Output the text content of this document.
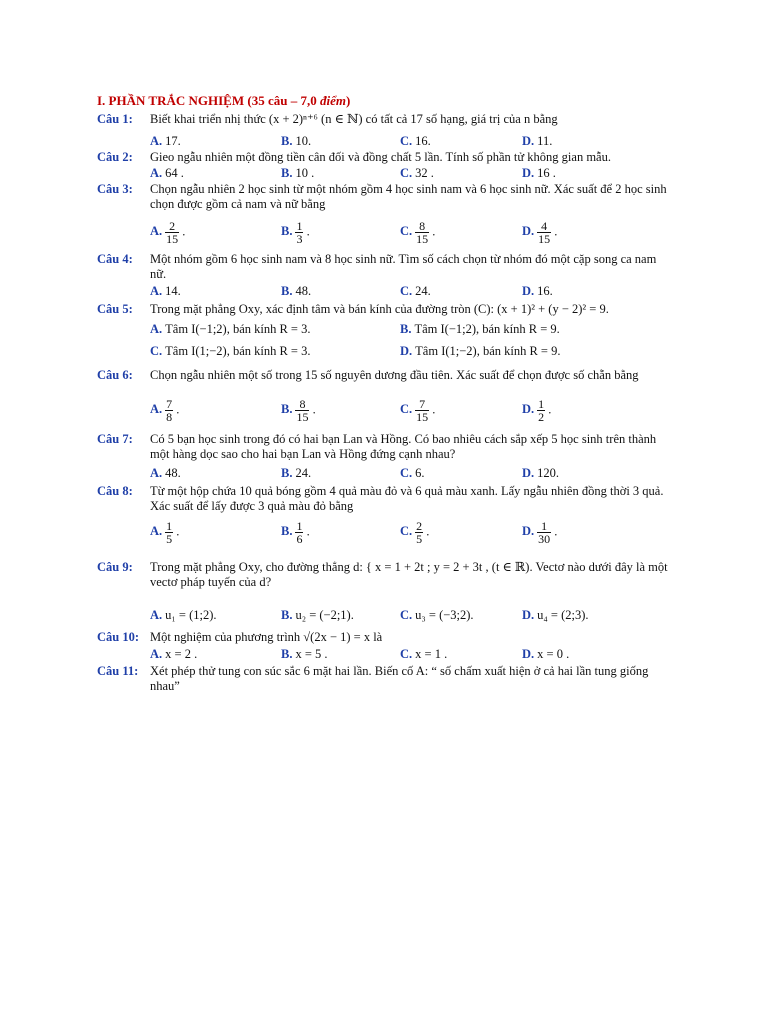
I. PHẦN TRẮC NGHIỆM (35 câu – 7,0 điểm)
Câu 1: Biết khai triển nhị thức (x + 2)ⁿ⁺⁶ (n ∈ ℕ) có tất cả 17 số hạng, giá trị của n bằng
A. 17.	B. 10.	C. 16.	D. 11.
Câu 2: Gieo ngẫu nhiên một đồng tiền cân đối và đồng chất 5 lần. Tính số phần tử không gian mẫu.
A. 64 .	B. 10 .	C. 32 .	D. 16 .
Câu 3: Chọn ngẫu nhiên 2 học sinh từ một nhóm gồm 4 học sinh nam và 6 học sinh nữ. Xác suất để 2 học sinh chọn được gồm cả nam và nữ bằng
A. $\frac{2}{15}$ .	B. $\frac{1}{3}$ .	C. $\frac{8}{15}$ .	D. $\frac{4}{15}$ .
Câu 4: Một nhóm gồm 6 học sinh nam và 8 học sinh nữ. Tìm số cách chọn từ nhóm đó một cặp song ca nam nữ.
A. 14.	B. 48.	C. 24.	D. 16.
Câu 5: Trong mặt phẳng Oxy, xác định tâm và bán kính của đường tròn (C): (x + 1)² + (y − 2)² = 9.
A. Tâm I(−1;2), bán kính R = 3.	B. Tâm I(−1;2), bán kính R = 9.
C. Tâm I(1;−2), bán kính R = 3.	D. Tâm I(1;−2), bán kính R = 9.
Câu 6: Chọn ngẫu nhiên một số trong 15 số nguyên dương đầu tiên. Xác suất để chọn được số chẵn bằng
A. $\frac{7}{8}$ .	B. $\frac{8}{15}$ .	C. $\frac{7}{15}$ .	D. $\frac{1}{2}$ .
Câu 7: Có 5 bạn học sinh trong đó có hai bạn Lan và Hồng. Có bao nhiêu cách sắp xếp 5 học sinh trên thành một hàng dọc sao cho hai bạn Lan và Hồng đứng cạnh nhau?
A. 48.	B. 24.	C. 6.	D. 120.
Câu 8: Từ một hộp chứa 10 quả bóng gồm 4 quả màu đỏ và 6 quả màu xanh. Lấy ngẫu nhiên đồng thời 3 quả. Xác suất để lấy được 3 quả màu đỏ bằng
A. $\frac{1}{5}$ .	B. $\frac{1}{6}$ .	C. $\frac{2}{5}$ .	D. $\frac{1}{30}$ .
Câu 9: Trong mặt phẳng Oxy, cho đường thẳng d: { x = 1 + 2t ; y = 2 + 3t , (t ∈ ℝ). Vectơ nào dưới đây là một vectơ pháp tuyến của d?
A. u₁ = (1;2).	B. u₂ = (−2;1).	C. u₃ = (−3;2).	D. u₄ = (2;3).
Câu 10: Một nghiệm của phương trình √(2x − 1) = x là
A. x = 2 .	B. x = 5 .	C. x = 1 .	D. x = 0 .
Câu 11: Xét phép thử tung con súc sắc 6 mặt hai lần. Biến cố A: “ số chấm xuất hiện ở cả hai lần tung giống nhau”
